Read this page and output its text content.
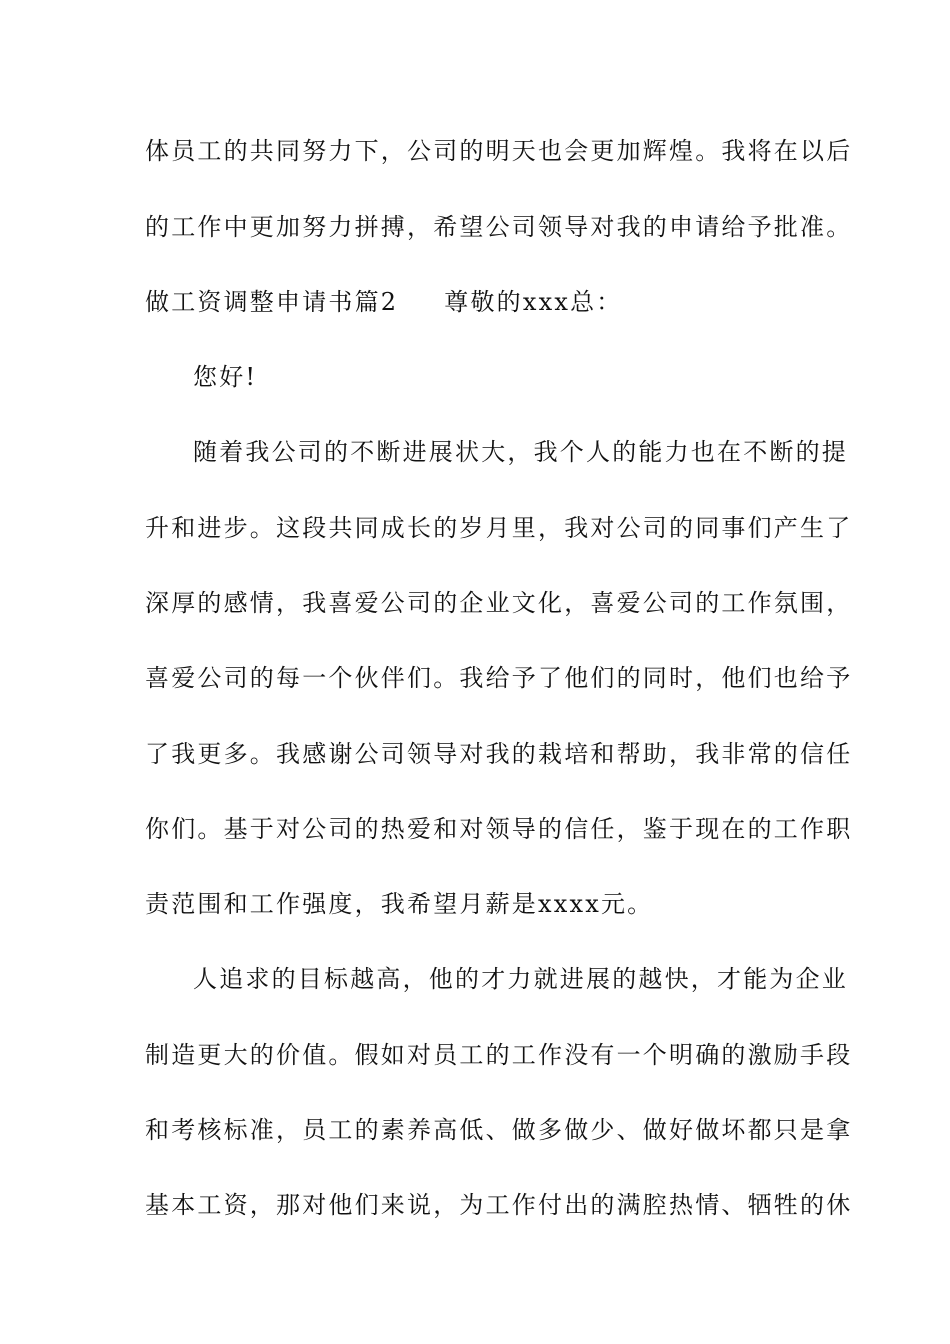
体员工的共同努力下，公司的明天也会更加辉煌。我将在以后
的工作中更加努力拼搏，希望公司领导对我的申请给予批准。
做工资调整申请书篇2 尊敬的xxx总：
您好!
随着我公司的不断进展状大，我个人的能力也在不断的提
升和进步。这段共同成长的岁月里，我对公司的同事们产生了
深厚的感情，我喜爱公司的企业文化，喜爱公司的工作氛围，
喜爱公司的每一个伙伴们。我给予了他们的同时，他们也给予
了我更多。我感谢公司领导对我的栽培和帮助，我非常的信任
你们。基于对公司的热爱和对领导的信任，鉴于现在的工作职
责范围和工作强度，我希望月薪是xxxx元。
人追求的目标越高，他的才力就进展的越快，才能为企业
制造更大的价值。假如对员工的工作没有一个明确的激励手段
和考核标准，员工的素养高低、做多做少、做好做坏都只是拿
基本工资，那对他们来说，为工作付出的满腔热情、牺牲的休
